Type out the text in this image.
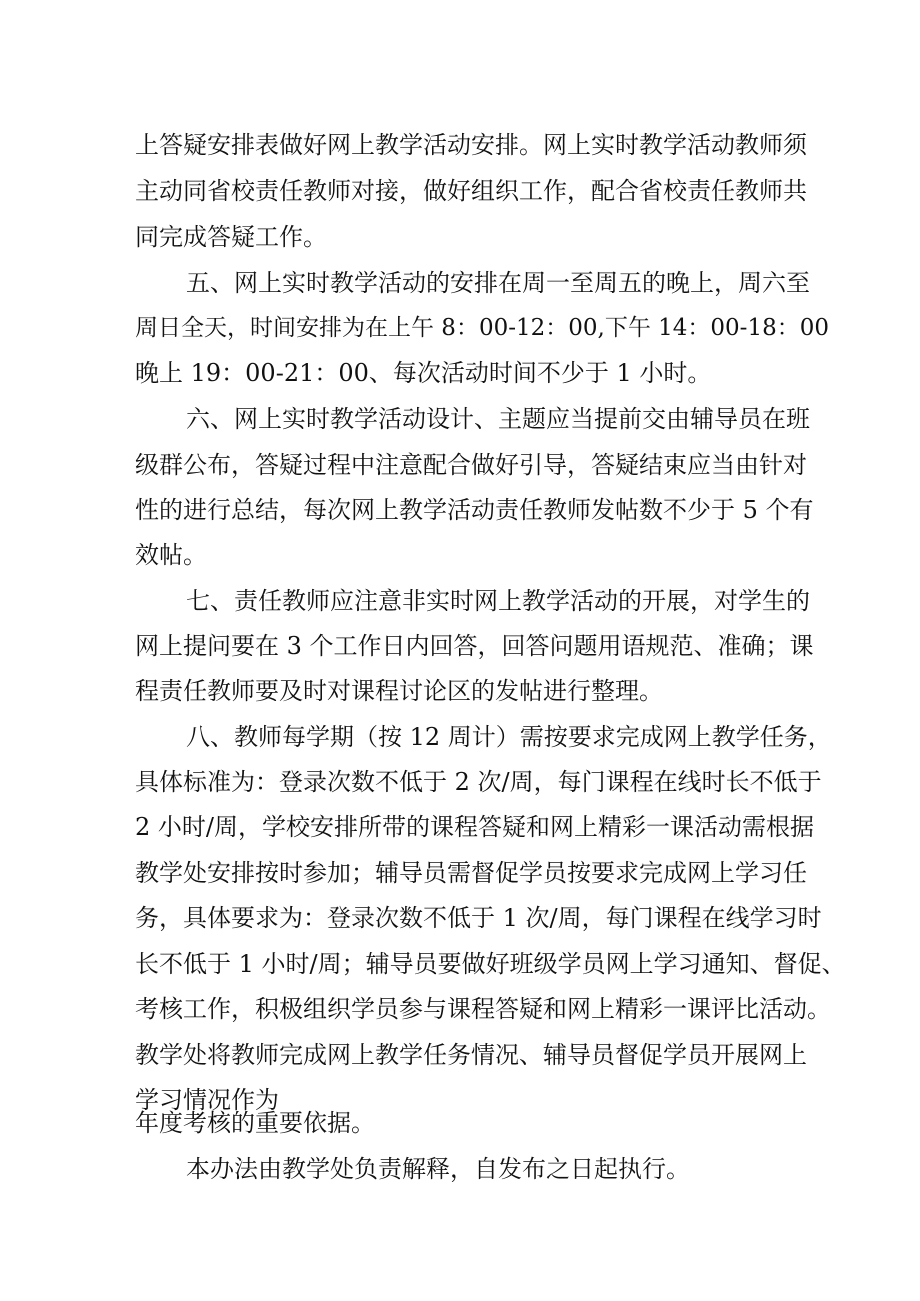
上答疑安排表做好网上教学活动安排。网上实时教学活动教师须
主动同省校责任教师对接，做好组织工作，配合省校责任教师共
同完成答疑工作。
五、网上实时教学活动的安排在周一至周五的晚上，周六至
周日全天，时间安排为在上午 8：00-12：00,下午 14：00-18：00
晚上 19：00-21：00、每次活动时间不少于 1 小时。
六、网上实时教学活动设计、主题应当提前交由辅导员在班
级群公布，答疑过程中注意配合做好引导，答疑结束应当由针对
性的进行总结，每次网上教学活动责任教师发帖数不少于 5 个有
效帖。
七、责任教师应注意非实时网上教学活动的开展，对学生的
网上提问要在 3 个工作日内回答，回答问题用语规范、准确；课
程责任教师要及时对课程讨论区的发帖进行整理。
八、教师每学期（按 12 周计）需按要求完成网上教学任务，
具体标准为：登录次数不低于 2 次/周，每门课程在线时长不低于
2 小时/周，学校安排所带的课程答疑和网上精彩一课活动需根据
教学处安排按时参加；辅导员需督促学员按要求完成网上学习任
务，具体要求为：登录次数不低于 1 次/周，每门课程在线学习时
长不低于 1 小时/周；辅导员要做好班级学员网上学习通知、督促、
考核工作，积极组织学员参与课程答疑和网上精彩一课评比活动。
教学处将教师完成网上教学任务情况、辅导员督促学员开展网上
学习情况作为
年度考核的重要依据。
本办法由教学处负责解释，自发布之日起执行。
